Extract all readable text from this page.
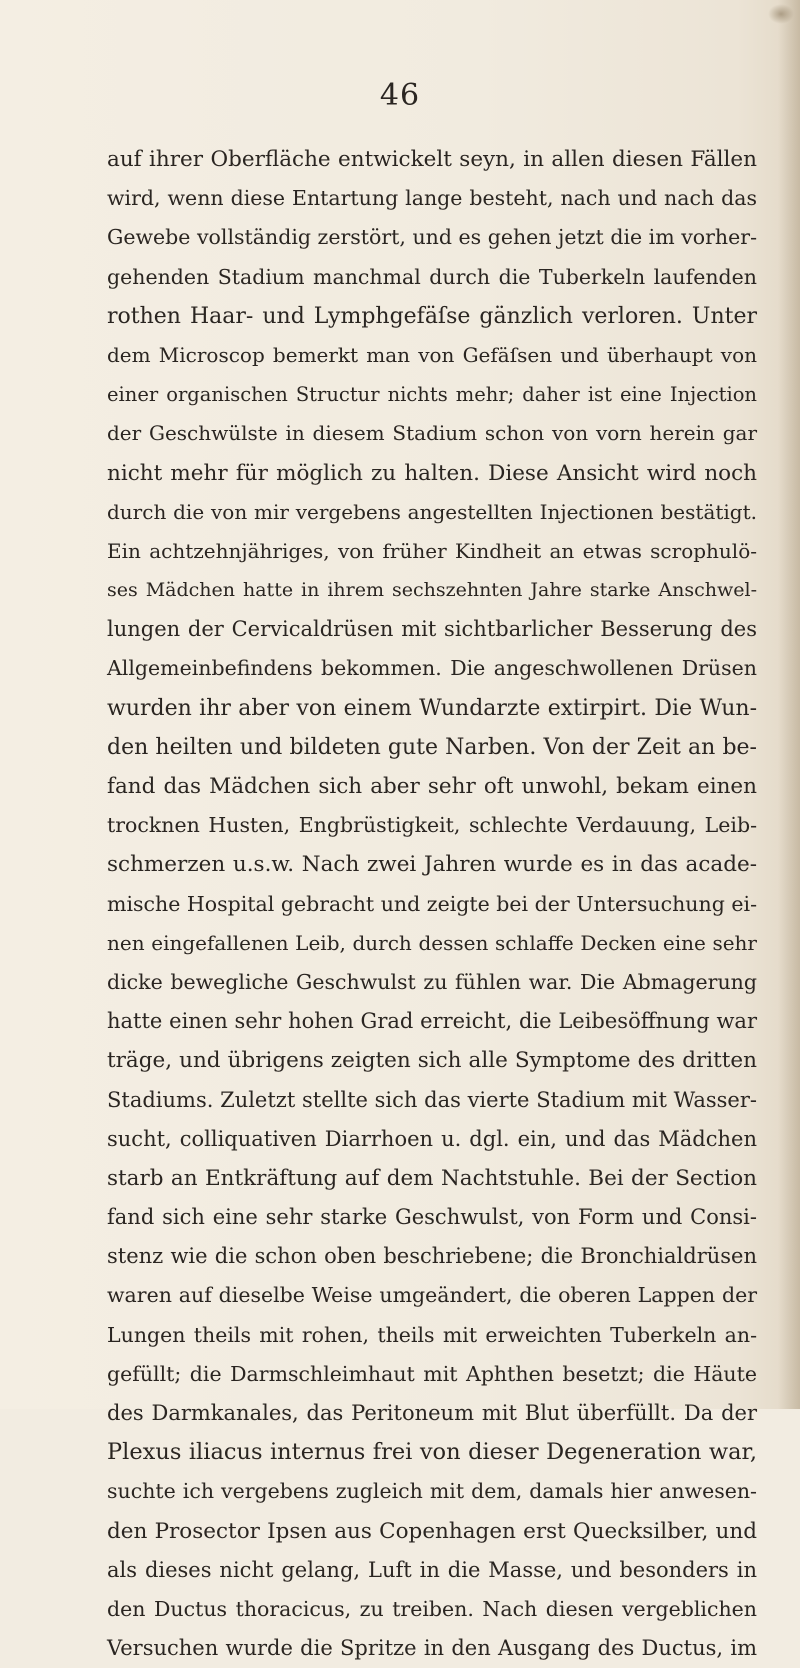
46
auf ihrer Oberfläche entwickelt seyn, in allen diesen Fällen
wird, wenn diese Entartung lange besteht, nach und nach das
Gewebe vollständig zerstört, und es gehen jetzt die im vorher-
gehenden Stadium manchmal durch die Tuberkeln laufenden
rothen Haar- und Lymphgefäſse gänzlich verloren. Unter
dem Microscop bemerkt man von Gefäſsen und überhaupt von
einer organischen Structur nichts mehr; daher ist eine Injection
der Geschwülste in diesem Stadium schon von vorn herein gar
nicht mehr für möglich zu halten. Diese Ansicht wird noch
durch die von mir vergebens angestellten Injectionen bestätigt.
Ein achtzehnjähriges, von früher Kindheit an etwas scrophulö-
ses Mädchen hatte in ihrem sechszehnten Jahre starke Anschwel-
lungen der Cervicaldrüsen mit sichtbarlicher Besserung des
Allgemeinbefindens bekommen. Die angeschwollenen Drüsen
wurden ihr aber von einem Wundarzte extirpirt. Die Wun-
den heilten und bildeten gute Narben. Von der Zeit an be-
fand das Mädchen sich aber sehr oft unwohl, bekam einen
trocknen Husten, Engbrüstigkeit, schlechte Verdauung, Leib-
schmerzen u.s.w. Nach zwei Jahren wurde es in das acade-
mische Hospital gebracht und zeigte bei der Untersuchung ei-
nen eingefallenen Leib, durch dessen schlaffe Decken eine sehr
dicke bewegliche Geschwulst zu fühlen war. Die Abmagerung
hatte einen sehr hohen Grad erreicht, die Leibesöffnung war
träge, und übrigens zeigten sich alle Symptome des dritten
Stadiums. Zuletzt stellte sich das vierte Stadium mit Wasser-
sucht, colliquativen Diarrhoen u. dgl. ein, und das Mädchen
starb an Entkräftung auf dem Nachtstuhle. Bei der Section
fand sich eine sehr starke Geschwulst, von Form und Consi-
stenz wie die schon oben beschriebene; die Bronchialdrüsen
waren auf dieselbe Weise umgeändert, die oberen Lappen der
Lungen theils mit rohen, theils mit erweichten Tuberkeln an-
gefüllt; die Darmschleimhaut mit Aphthen besetzt; die Häute
des Darmkanales, das Peritoneum mit Blut überfüllt. Da der
Plexus iliacus internus frei von dieser Degeneration war,
suchte ich vergebens zugleich mit dem, damals hier anwesen-
den Prosector Ipsen aus Copenhagen erst Quecksilber, und
als dieses nicht gelang, Luft in die Masse, und besonders in
den Ductus thoracicus, zu treiben. Nach diesen vergeblichen
Versuchen wurde die Spritze in den Ausgang des Ductus, im
